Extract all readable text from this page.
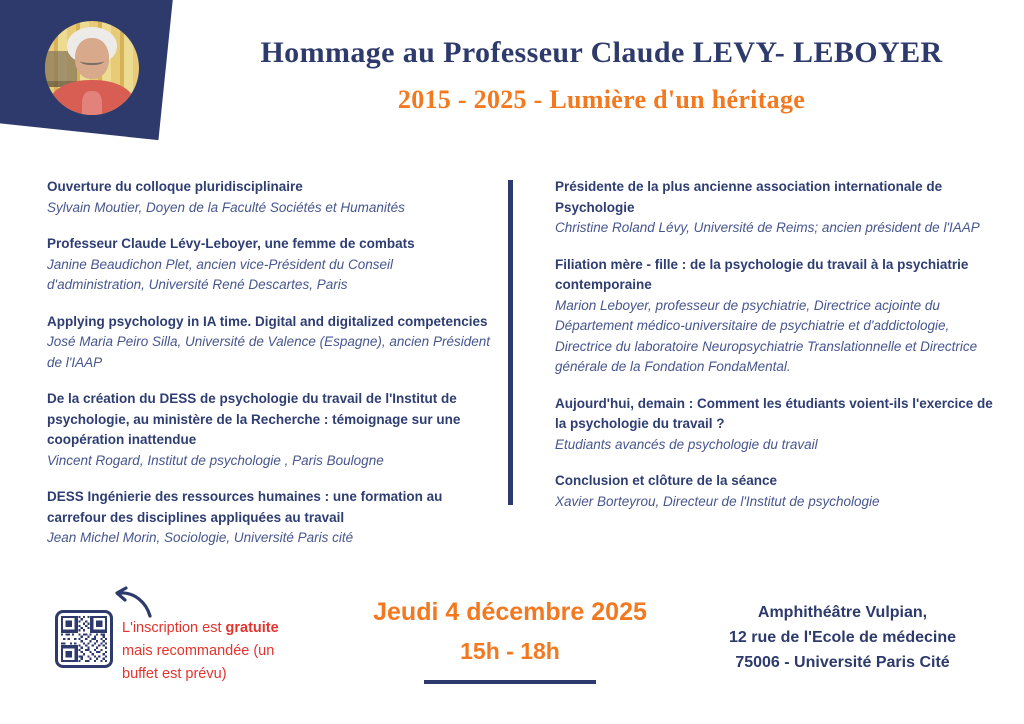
Hommage au Professeur Claude LEVY- LEBOYER
2015 - 2025 - Lumière d'un héritage
Ouverture du colloque pluridisciplinaire
Sylvain Moutier, Doyen de la Faculté Sociétés et Humanités
Professeur Claude Lévy-Leboyer, une femme de combats
Janine Beaudichon Plet, ancien vice-Président du Conseil d'administration, Université René Descartes, Paris
Applying psychology in IA time. Digital and digitalized competencies
José Maria Peiro Silla, Université de Valence (Espagne), ancien Président de l'IAAP
De la création du DESS de psychologie du travail de l'Institut de psychologie, au ministère de la Recherche : témoignage sur une coopération inattendue
Vincent Rogard, Institut de psychologie , Paris Boulogne
DESS Ingénierie des ressources humaines : une formation au carrefour des disciplines appliquées au travail
Jean Michel Morin, Sociologie, Université Paris cité
Présidente de la plus ancienne association internationale de Psychologie
Christine Roland Lévy, Université de Reims; ancien président de l'IAAP
Filiation mère - fille : de la psychologie du travail à la psychiatrie contemporaine
Marion Leboyer, professeur de psychiatrie, Directrice acjointe du Département médico-universitaire de psychiatrie et d'addictologie, Directrice du laboratoire Neuropsychiatrie Translationnelle et Directrice générale de la Fondation FondaMental.
Aujourd'hui, demain : Comment les étudiants voient-ils l'exercice de la psychologie du travail ?
Etudiants avancés de psychologie du travail
Conclusion et clôture de la séance
Xavier Borteyrou, Directeur de l'Institut de psychologie
L'inscription est gratuite
mais recommandée (un
buffet est prévu)
Jeudi 4 décembre 2025
15h - 18h
Amphithéâtre Vulpian,
12 rue de l'Ecole de médecine
75006 - Université Paris Cité
